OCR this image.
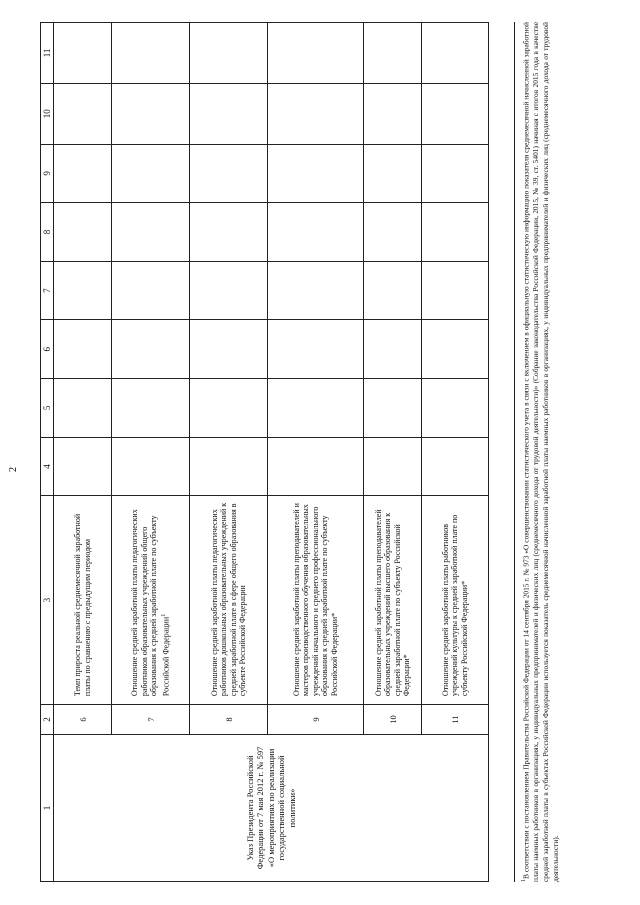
2
1	2	3	4	5	6	7	8	9	10	11

Указ Президента Российской Федерации от 7 мая 2012 г. № 597 «О мероприятиях по реализации государственной социальной политики»	6	Темп прироста реальной среднемесячной заработной платы по сравнению с предыдущим периодом								
	7	Отношение средней заработной платы педагогических работников образовательных учреждений общего образования к средней заработной плате по субъекту Российской Федерации$^1$								
	8	Отношение средней заработной платы педагогических работников дошкольных образовательных учреждений к средней заработной плате в сфере общего образования в субъекте Российской Федерации								
	9	Отношение средней заработной платы преподавателей и мастеров производственного обучения образовательных учреждений начального и среднего профессионального образования к средней заработной плате по субъекту Российской Федерации*								
	10	Отношение средней заработной платы преподавателей образовательных учреждений высшего образования к средней заработной плате по субъекту Российской Федерации*								
	11	Отношение средней заработной платы работников учреждений культуры к средней заработной плате по субъекту Российской Федерации*								
$^1$В соответствии с постановлением Правительства Российской Федерации от 14 сентября 2015 г. № 973 «О совершенствовании статистического учета в связи с включением в официальную статистическую информацию показателя среднемесячной начисленной заработной платы наемных работников в организациях, у индивидуальных предпринимателей и физических лиц (среднемесячного дохода от трудовой деятельности)» (Собрание законодательства Российской Федерации, 2015, № 39, ст. 5401) начиная с итогов 2015 года в качестве средней заработной платы в субъектах Российской Федерации используется показатель среднемесячной начисленной заработной платы наемных работников в организациях, у индивидуальных предпринимателей и физических лиц (среднемесячного дохода от трудовой деятельности).
